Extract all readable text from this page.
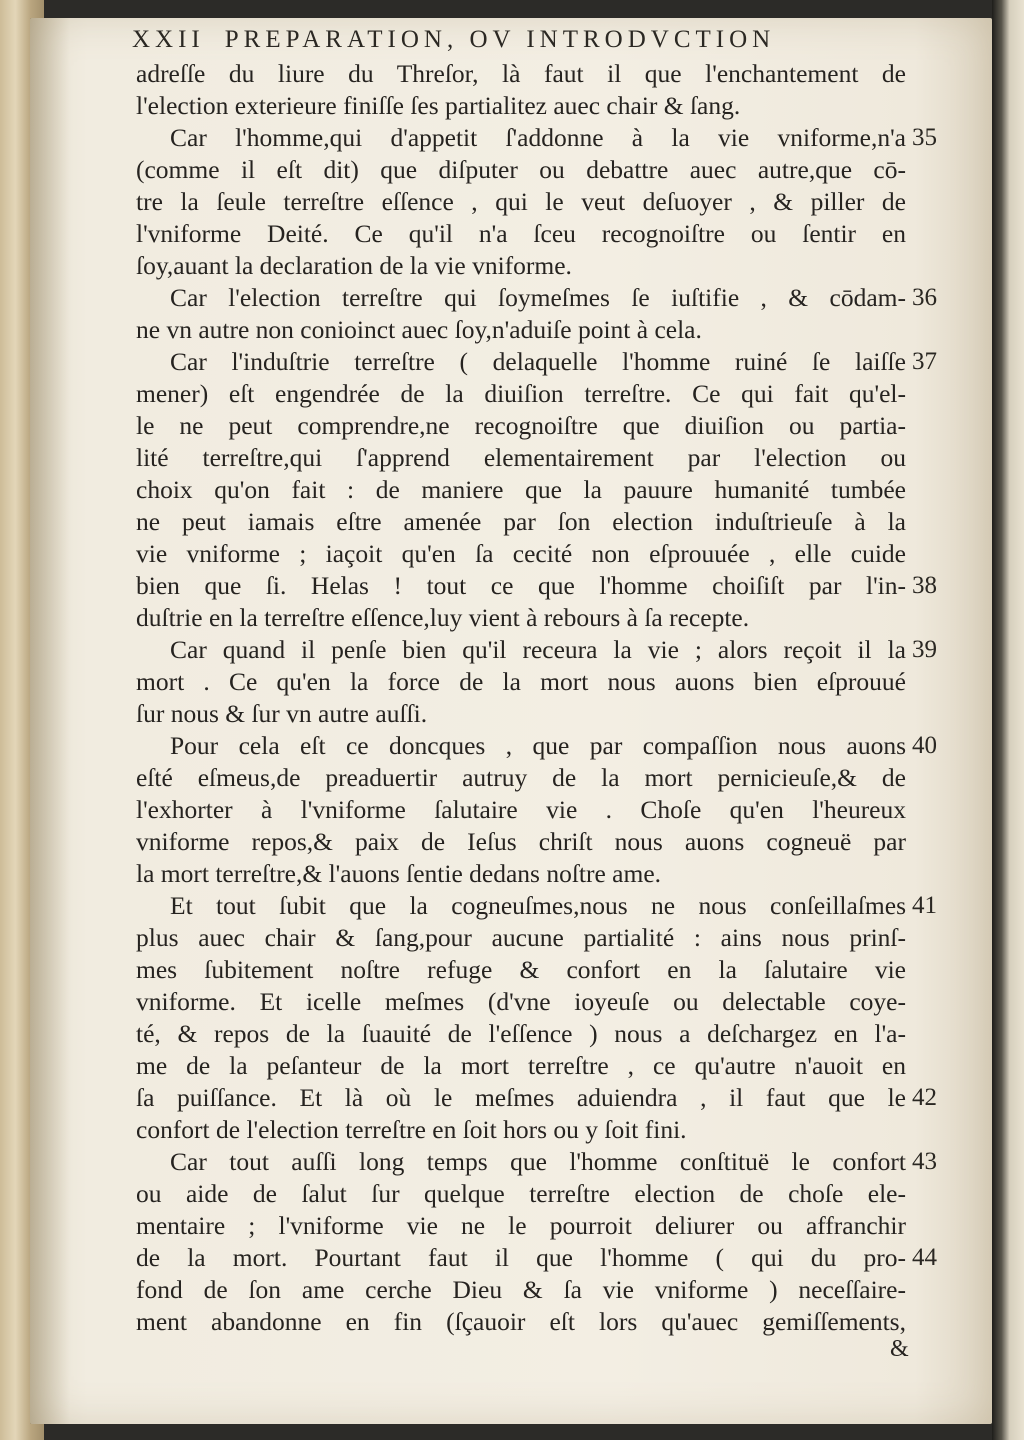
XXII PREPARATION, OV INTRODVCTION
adreſſe du liure du Threſor, là faut il que l'enchantement de
l'election exterieure finiſſe ſes partialitez auec chair & ſang.
Car l'homme,qui d'appetit ſ'addonne à la vie vniforme,n'a
(comme il eſt dit) que diſputer ou debattre auec autre,que cō-
tre la ſeule terreſtre eſſence , qui le veut deſuoyer , & piller de
l'vniforme Deité. Ce qu'il n'a ſceu recognoiſtre ou ſentir en
ſoy,auant la declaration de la vie vniforme.
Car l'election terreſtre qui ſoymeſmes ſe iuſtifie , & cōdam-
ne vn autre non conioinct auec ſoy,n'aduiſe point à cela.
Car l'induſtrie terreſtre ( delaquelle l'homme ruiné ſe laiſſe
mener) eſt engendrée de la diuiſion terreſtre. Ce qui fait qu'el-
le ne peut comprendre,ne recognoiſtre que diuiſion ou partia-
lité terreſtre,qui ſ'apprend elementairement par l'election ou
choix qu'on fait : de maniere que la pauure humanité tumbée
ne peut iamais eſtre amenée par ſon election induſtrieuſe à la
vie vniforme ; iaçoit qu'en ſa cecité non eſprouuée , elle cuide
bien que ſi. Helas ! tout ce que l'homme choiſiſt par l'in-
duſtrie en la terreſtre eſſence,luy vient à rebours à ſa recepte.
Car quand il penſe bien qu'il receura la vie ; alors reçoit il la
mort . Ce qu'en la force de la mort nous auons bien eſprouué
ſur nous & ſur vn autre auſſi.
Pour cela eſt ce doncques , que par compaſſion nous auons
eſté eſmeus,de preaduertir autruy de la mort pernicieuſe,& de
l'exhorter à l'vniforme ſalutaire vie . Choſe qu'en l'heureux
vniforme repos,& paix de Ieſus chriſt nous auons cogneuë par
la mort terreſtre,& l'auons ſentie dedans noſtre ame.
Et tout ſubit que la cogneuſmes,nous ne nous conſeillaſmes
plus auec chair & ſang,pour aucune partialité : ains nous prinſ-
mes ſubitement noſtre refuge & confort en la ſalutaire vie
vniforme. Et icelle meſmes (d'vne ioyeuſe ou delectable coye-
té, & repos de la ſuauité de l'eſſence ) nous a deſchargez en l'a-
me de la peſanteur de la mort terreſtre , ce qu'autre n'auoit en
ſa puiſſance. Et là où le meſmes aduiendra , il faut que le
confort de l'election terreſtre en ſoit hors ou y ſoit fini.
Car tout auſſi long temps que l'homme conſtituë le confort
ou aide de ſalut ſur quelque terreſtre election de choſe ele-
mentaire ; l'vniforme vie ne le pourroit deliurer ou affranchir
de la mort. Pourtant faut il que l'homme ( qui du pro-
fond de ſon ame cerche Dieu & ſa vie vniforme ) neceſſaire-
ment abandonne en fin (ſçauoir eſt lors qu'auec gemiſſements,
35
36
37
38
39
40
41
42
43
44
&
